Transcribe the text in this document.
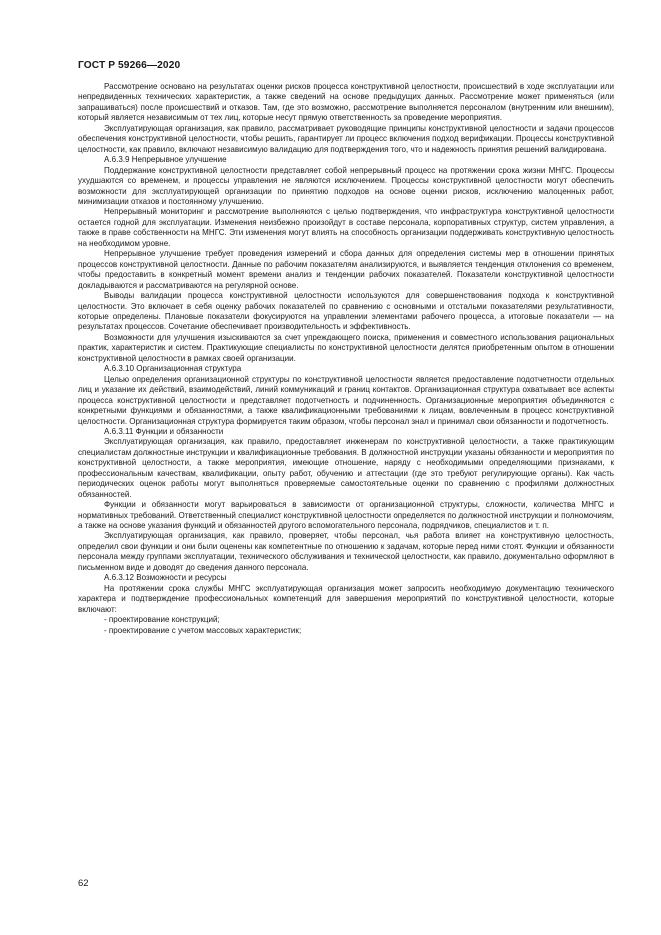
ГОСТ Р 59266—2020

Рассмотрение основано на результатах оценки рисков процесса конструктивной целостности, происшествий в ходе эксплуатации или непредвиденных технических характеристик, а также сведений на основе предыдущих данных. Рассмотрение может применяться (или запрашиваться) после происшествий и отказов. Там, где это возможно, рассмотрение выполняется персоналом (внутренним или внешним), который является независимым от тех лиц, которые несут прямую ответственность за проведение мероприятия.

Эксплуатирующая организация, как правило, рассматривает руководящие принципы конструктивной целостности и задачи процессов обеспечения конструктивной целостности, чтобы решить, гарантирует ли процесс включения подход верификации. Процессы конструктивной целостности, как правило, включают независимую валидацию для подтверждения того, что и надежность принятия решений валидирована.

А.6.3.9 Непрерывное улучшение

Поддержание конструктивной целостности представляет собой непрерывный процесс на протяжении срока жизни МНГС. Процессы ухудшаются со временем, и процессы управления не являются исключением. Процессы конструктивной целостности могут обеспечить возможности для эксплуатирующей организации по принятию подходов на основе оценки рисков, исключению малоценных работ, минимизации отказов и постоянному улучшению.

Непрерывный мониторинг и рассмотрение выполняются с целью подтверждения, что инфраструктура конструктивной целостности остается годной для эксплуатации. Изменения неизбежно произойдут в составе персонала, корпоративных структур, систем управления, а также в праве собственности на МНГС. Эти изменения могут влиять на способность организации поддерживать конструктивную целостность на необходимом уровне.

Непрерывное улучшение требует проведения измерений и сбора данных для определения системы мер в отношении принятых процессов конструктивной целостности. Данные по рабочим показателям анализируются, и выявляется тенденция отклонения со временем, чтобы предоставить в конкретный момент времени анализ и тенденции рабочих показателей. Показатели конструктивной целостности докладываются и рассматриваются на регулярной основе.

Выводы валидации процесса конструктивной целостности используются для совершенствования подхода к конструктивной целостности. Это включает в себя оценку рабочих показателей по сравнению с основными и отстальми показателями результативности, которые определены. Плановые показатели фокусируются на управлении элементами рабочего процесса, а итоговые показатели — на результатах процессов. Сочетание обеспечивает производительность и эффективность.

Возможности для улучшения изыскиваются за счет упреждающего поиска, применения и совместного использования рациональных практик, характеристик и систем. Практикующие специалисты по конструктивной целостности делятся приобретенным опытом в отношении конструктивной целостности в рамках своей организации.

А.6.3.10 Организационная структура

Целью определения организационной структуры по конструктивной целостности является предоставление подотчетности отдельных лиц и указание их действий, взаимодействий, линий коммуникаций и границ контактов. Организационная структура охватывает все аспекты процесса конструктивной целостности и представляет подотчетность и подчиненность. Организационные мероприятия объединяются с конкретными функциями и обязанностями, а также квалификационными требованиями к лицам, вовлеченным в процесс конструктивной целостности. Организационная структура формируется таким образом, чтобы персонал знал и принимал свои обязанности и подотчетность.

А.6.3.11 Функции и обязанности

Эксплуатирующая организация, как правило, предоставляет инженерам по конструктивной целостности, а также практикующим специалистам должностные инструкции и квалификационные требования. В должностной инструкции указаны обязанности и мероприятия по конструктивной целостности, а также мероприятия, имеющие отношение, наряду с необходимыми определяющими признаками, к профессиональным качествам, квалификации, опыту работ, обучению и аттестации (где это требуют регулирующие органы). Как часть периодических оценок работы могут выполняться проверяемые самостоятельные оценки по сравнению с профилями должностных обязанностей.

Функции и обязанности могут варьироваться в зависимости от организационной структуры, сложности, количества МНГС и нормативных требований. Ответственный специалист конструктивной целостности определяется по должностной инструкции и полномочиям, а также на основе указания функций и обязанностей другого вспомогательного персонала, подрядчиков, специалистов и т. п.

Эксплуатирующая организация, как правило, проверяет, чтобы персонал, чья работа влияет на конструктивную целостность, определил свои функции и они были оценены как компетентные по отношению к задачам, которые перед ними стоят. Функции и обязанности персонала между группами эксплуатации, технического обслуживания и технической целостности, как правило, документально оформляют в письменном виде и доводят до сведения данного персонала.

А.6.3.12 Возможности и ресурсы

На протяжении срока службы МНГС эксплуатирующая организация может запросить необходимую документацию технического характера и подтверждение профессиональных компетенций для завершения мероприятий по конструктивной целостности, которые включают:

- проектирование конструкций;

- проектирование с учетом массовых характеристик;

62
